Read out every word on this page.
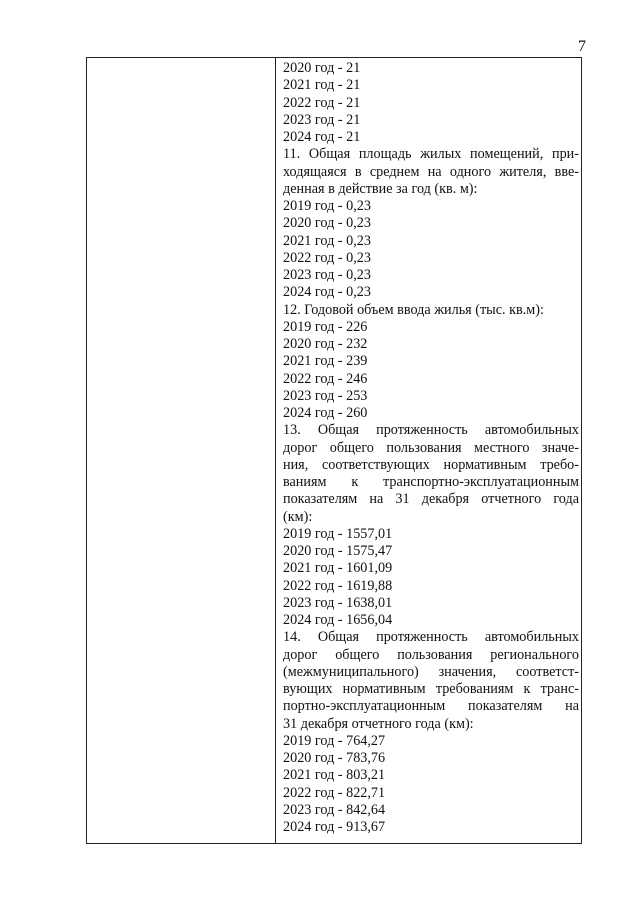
7
2020 год - 21
2021 год - 21
2022 год - 21
2023 год - 21
2024 год - 21
11. Общая площадь жилых помещений, при-
ходящаяся в среднем на одного жителя, вве-
денная в действие за год (кв. м):
2019 год - 0,23
2020 год - 0,23
2021 год - 0,23
2022 год - 0,23
2023 год - 0,23
2024 год - 0,23
12. Годовой объем ввода жилья (тыс. кв.м):
2019 год - 226
2020 год - 232
2021 год - 239
2022 год - 246
2023 год - 253
2024 год - 260
13. Общая протяженность автомобильных
дорог общего пользования местного значе-
ния, соответствующих нормативным требо-
ваниям к транспортно-эксплуатационным
показателям на 31 декабря отчетного года
(км):
2019 год - 1557,01
2020 год - 1575,47
2021 год - 1601,09
2022 год - 1619,88
2023 год - 1638,01
2024 год - 1656,04
14. Общая протяженность автомобильных
дорог общего пользования регионального
(межмуниципального) значения, соответст-
вующих нормативным требованиям к транс-
портно-эксплуатационным показателям на
31 декабря отчетного года (км):
2019 год - 764,27
2020 год - 783,76
2021 год - 803,21
2022 год - 822,71
2023 год - 842,64
2024 год - 913,67
